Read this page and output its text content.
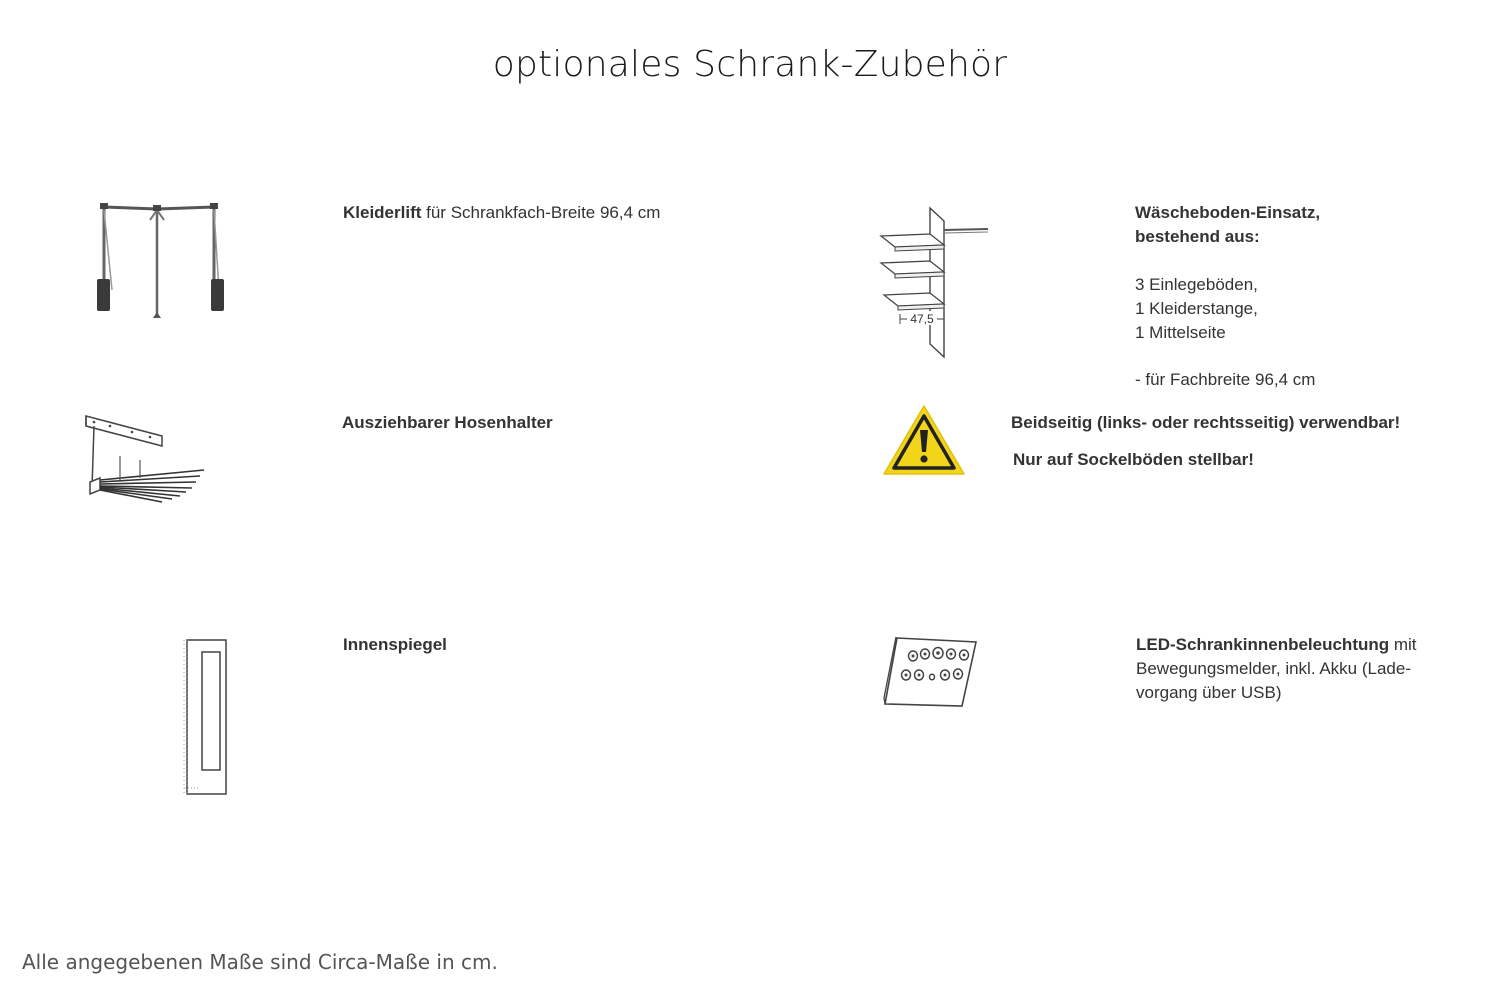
optionales Schrank-Zubehör
Kleiderlift für Schrankfach-Breite 96,4 cm
Ausziehbarer Hosenhalter
Innenspiegel
47,5
Wäscheboden-Einsatz,
bestehend aus:
3 Einlegeböden,
1 Kleiderstange,
1 Mittelseite
- für Fachbreite 96,4 cm
Beidseitig (links- oder rechtsseitig) verwendbar!
Nur auf Sockelböden stellbar!
LED-Schrankinnenbeleuchtung mit
Bewegungsmelder, inkl. Akku (Lade-
vorgang über USB)
Alle angegebenen Maße sind Circa-Maße in cm.
